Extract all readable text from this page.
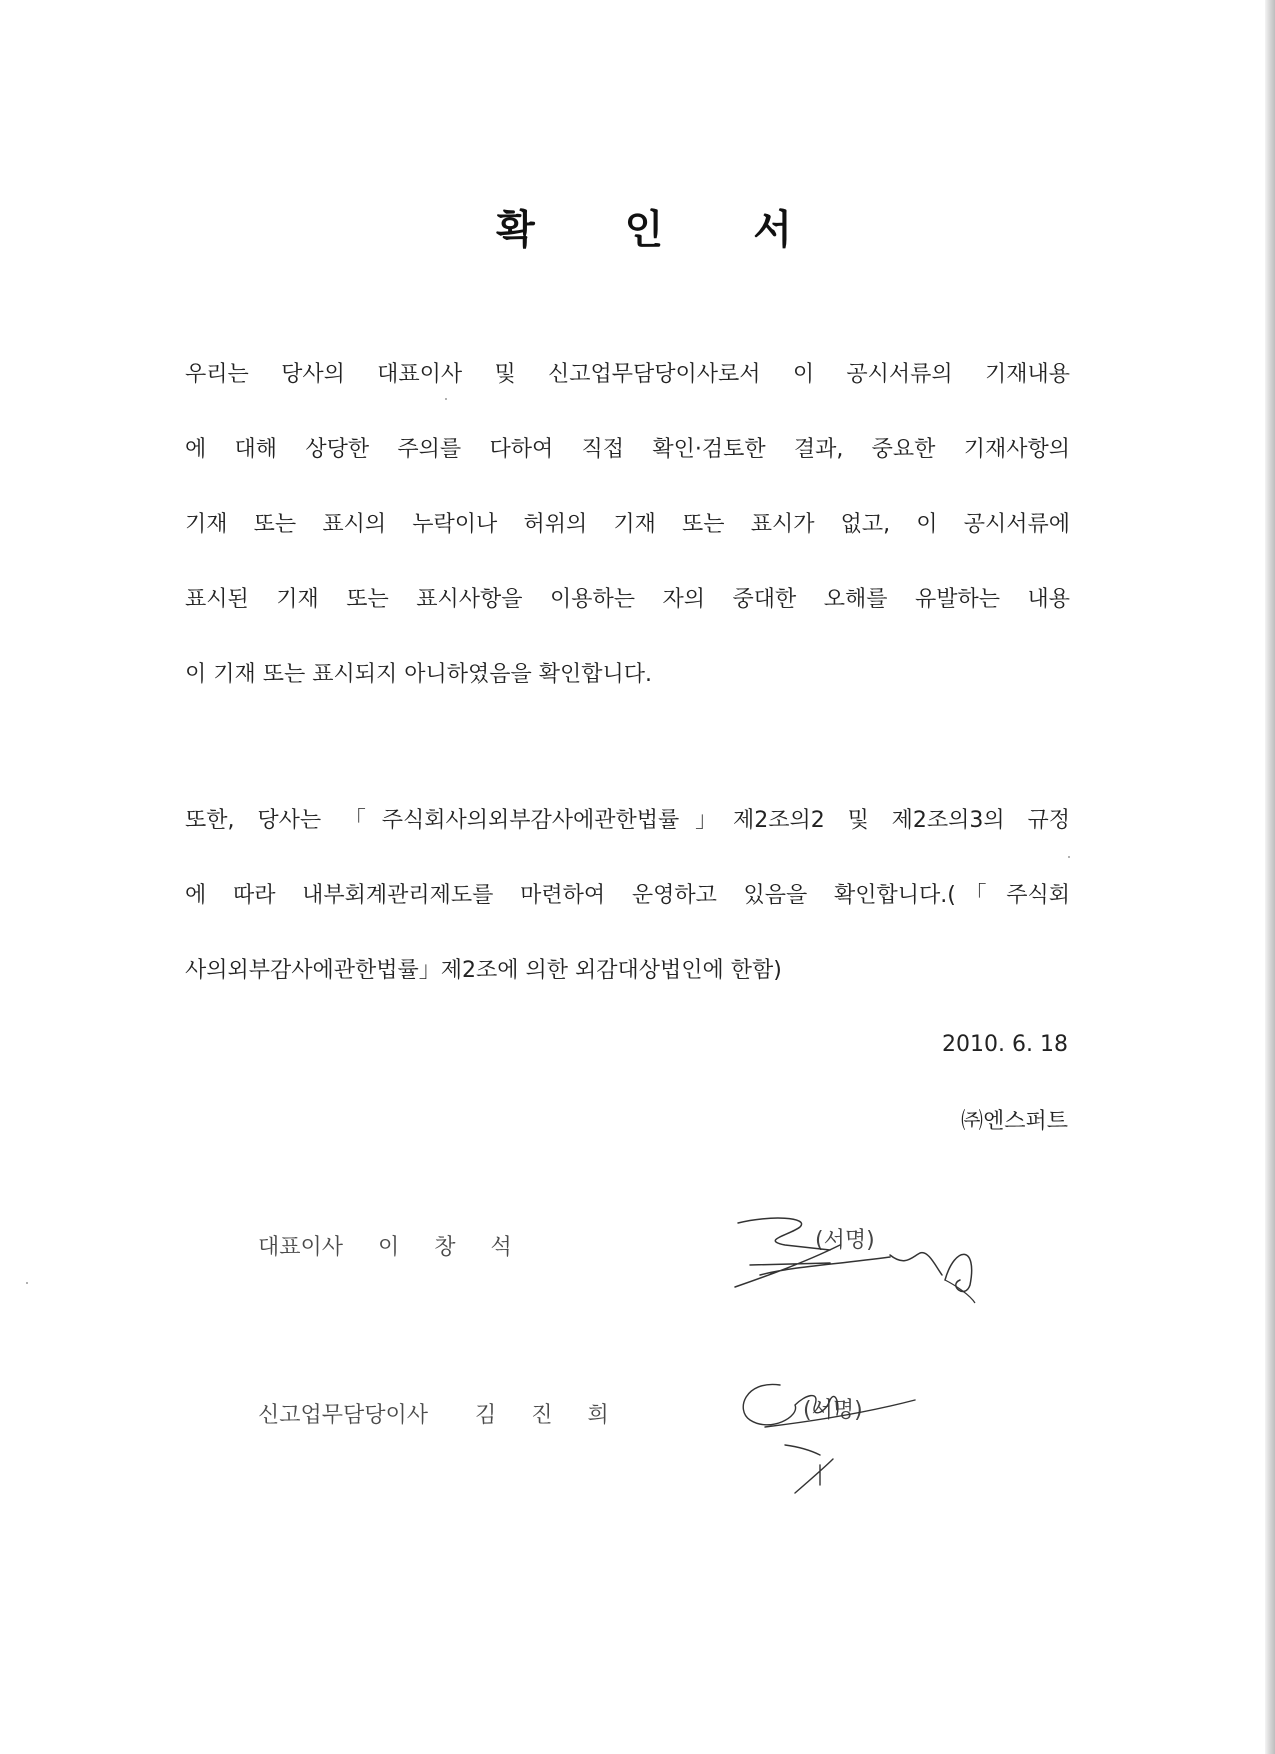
확 인 서
우리는 당사의 대표이사 및 신고업무담당이사로서 이 공시서류의 기재내용
에 대해 상당한 주의를 다하여 직접 확인·검토한 결과, 중요한 기재사항의
기재 또는 표시의 누락이나 허위의 기재 또는 표시가 없고, 이 공시서류에
표시된 기재 또는 표시사항을 이용하는 자의 중대한 오해를 유발하는 내용
이 기재 또는 표시되지 아니하였음을 확인합니다.
또한, 당사는 「주식회사의외부감사에관한법률」제2조의2 및 제2조의3의 규정
에 따라 내부회계관리제도를 마련하여 운영하고 있음을 확인합니다.(「주식회
사의외부감사에관한법률」제2조에 의한 외감대상법인에 한함)
2010. 6. 18
㈜엔스퍼트
대표이사 이 창 석
신고업무담당이사 김 진 희
(서명)
(서명)
